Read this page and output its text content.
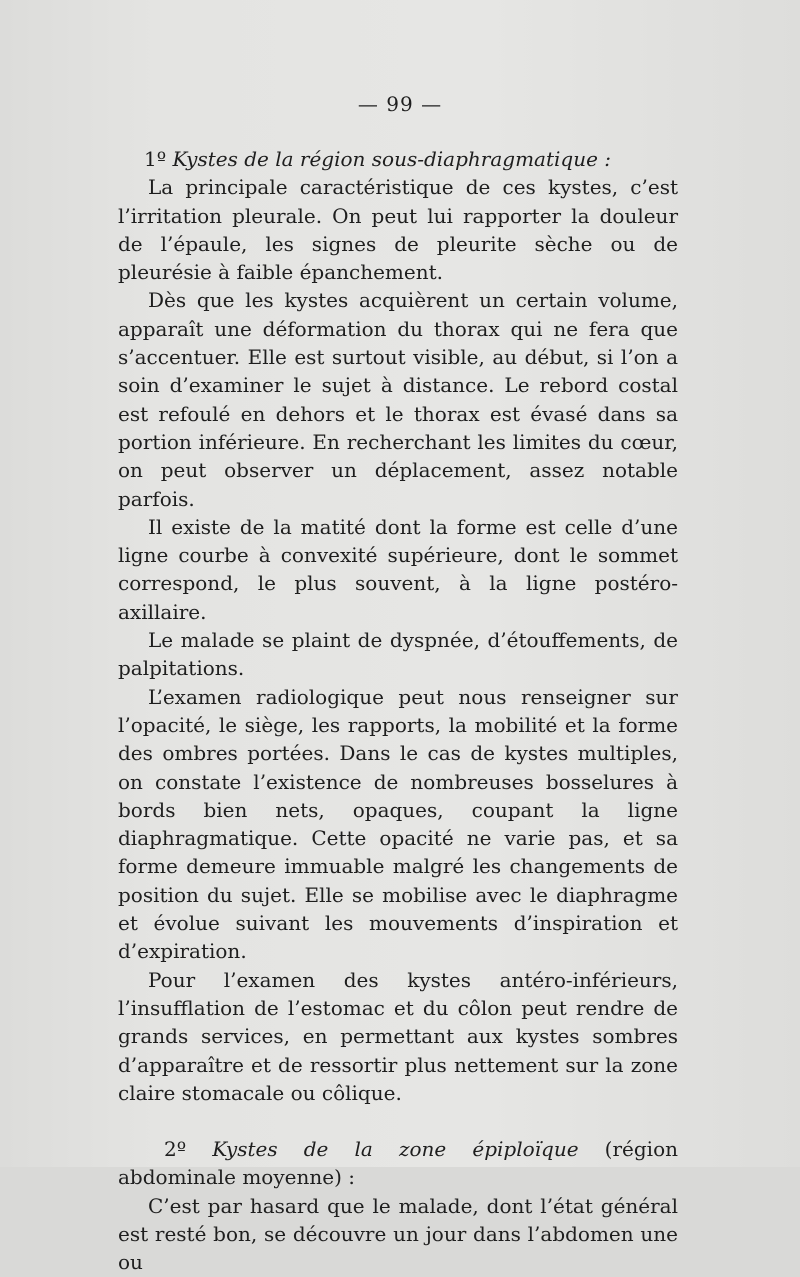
— 99 —

1º Kystes de la région sous-diaphragmatique :

La principale caractéristique de ces kystes, c’est l’irritation pleurale. On peut lui rapporter la douleur de l’épaule, les signes de pleurite sèche ou de pleurésie à faible épanchement.

Dès que les kystes acquièrent un certain volume, apparaît une déformation du thorax qui ne fera que s’accentuer. Elle est surtout visible, au début, si l’on a soin d’examiner le sujet à distance. Le rebord costal est refoulé en dehors et le thorax est évasé dans sa portion inférieure. En recherchant les limites du cœur, on peut observer un déplacement, assez notable parfois.

Il existe de la matité dont la forme est celle d’une ligne courbe à convexité supérieure, dont le sommet correspond, le plus souvent, à la ligne postéro-axillaire.

Le malade se plaint de dyspnée, d’étouffements, de palpitations.

L’examen radiologique peut nous renseigner sur l’opacité, le siège, les rapports, la mobilité et la forme des ombres portées. Dans le cas de kystes multiples, on constate l’existence de nombreuses bosselures à bords bien nets, opaques, coupant la ligne diaphragmatique. Cette opacité ne varie pas, et sa forme demeure immuable malgré les changements de position du sujet. Elle se mobilise avec le diaphragme et évolue suivant les mouvements d’inspiration et d’expiration.

Pour l’examen des kystes antéro-inférieurs, l’insufflation de l’estomac et du côlon peut rendre de grands services, en permettant aux kystes sombres d’apparaître et de ressortir plus nettement sur la zone claire stomacale ou côlique.

2º Kystes de la zone épiploïque (région abdominale moyenne) :

C’est par hasard que le malade, dont l’état général est resté bon, se découvre un jour dans l’abdomen une ou
